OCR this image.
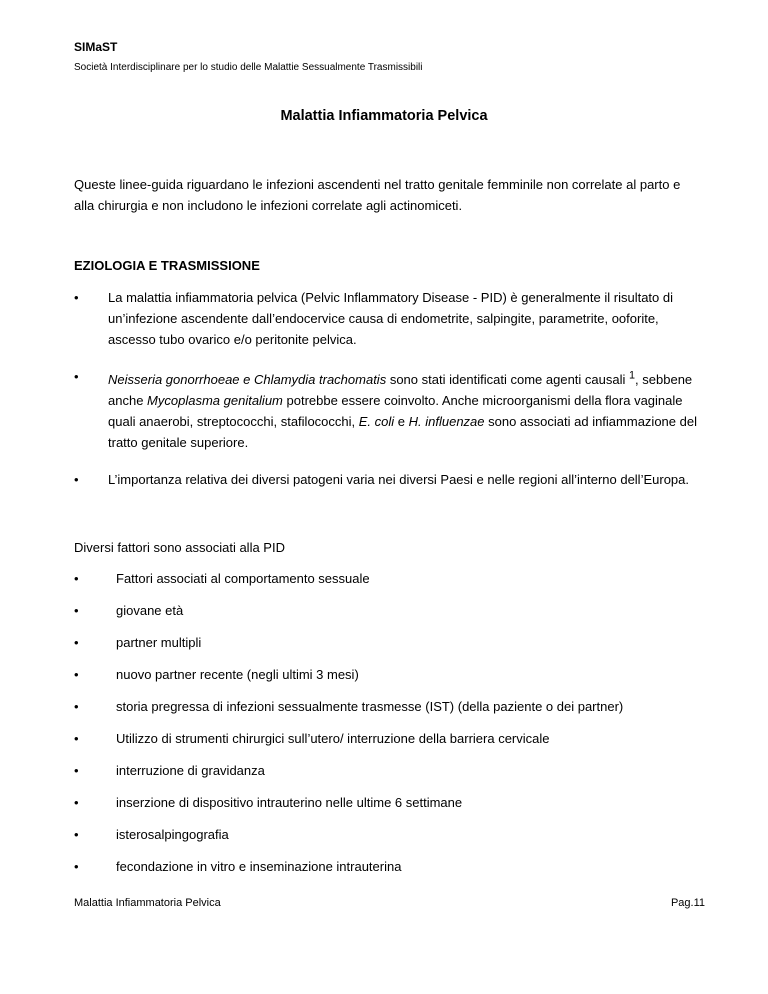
SIMaST
Società Interdisciplinare per lo studio delle Malattie Sessualmente Trasmissibili
Malattia Infiammatoria Pelvica
Queste linee-guida riguardano le infezioni ascendenti nel tratto genitale femminile non correlate al parto e alla chirurgia e non includono le infezioni correlate agli actinomiceti.
EZIOLOGIA E TRASMISSIONE
• La malattia infiammatoria pelvica (Pelvic Inflammatory Disease - PID) è generalmente il risultato di un’infezione ascendente dall’endocervice causa di endometrite, salpingite, parametrite, ooforite, ascesso tubo ovarico e/o peritonite pelvica.
• Neisseria gonorrhoeae e Chlamydia trachomatis sono stati identificati come agenti causali $^1$, sebbene anche Mycoplasma genitalium potrebbe essere coinvolto. Anche microorganismi della flora vaginale quali anaerobi, streptococchi, stafilococchi, E. coli e H. influenzae sono associati ad infiammazione del tratto genitale superiore.
• L’importanza relativa dei diversi patogeni varia nei diversi Paesi e nelle regioni all’interno dell’Europa.
Diversi fattori sono associati alla PID
•	Fattori associati al comportamento sessuale
•	giovane età
•	partner multipli
•	nuovo partner recente (negli ultimi 3 mesi)
•	storia pregressa di infezioni sessualmente trasmesse (IST) (della paziente o dei partner)
•	Utilizzo di strumenti chirurgici sull’utero/ interruzione della barriera cervicale
•	interruzione di gravidanza
•	inserzione di dispositivo intrauterino nelle ultime 6 settimane
•	isterosalpingografia
•	fecondazione in vitro e inseminazione intrauterina
Malattia Infiammatoria Pelvica	Pag.11
